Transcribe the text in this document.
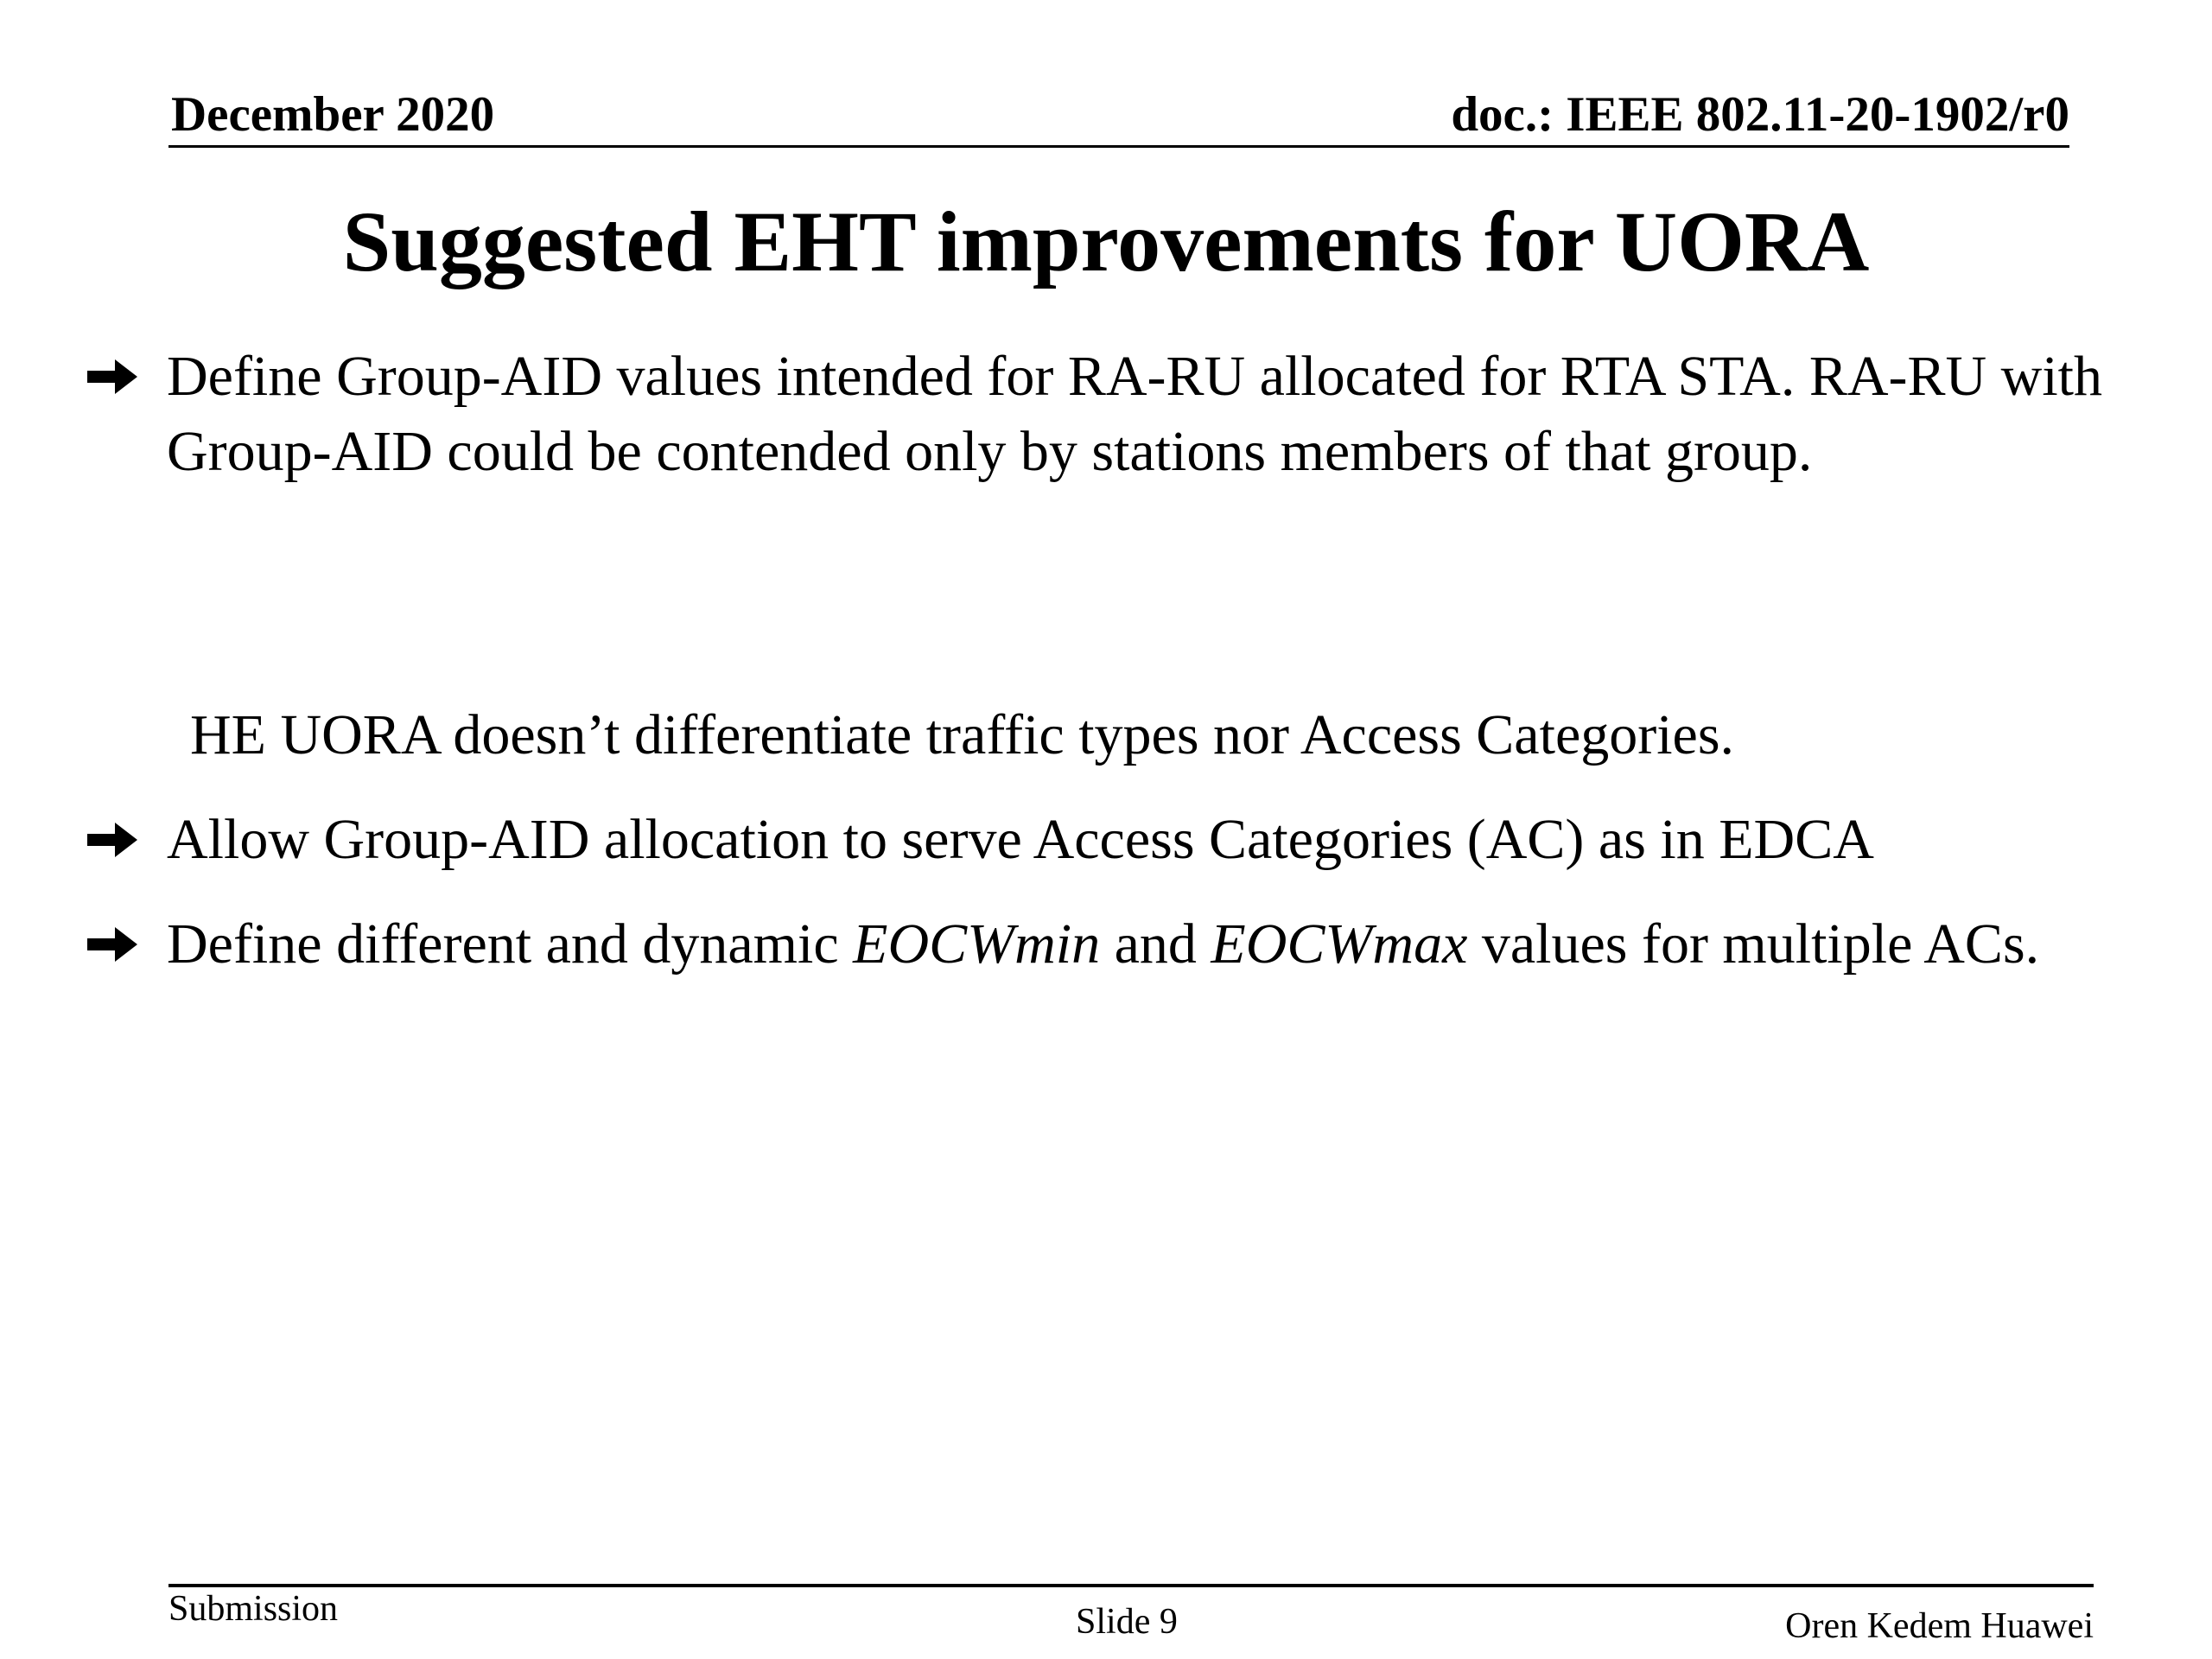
December 2020	doc.: IEEE 802.11-20-1902/r0
Suggested EHT improvements for UORA
Define Group-AID values intended for RA-RU allocated for RTA STA. RA-RU with Group-AID could be contended only by stations members of that group.
HE UORA doesn’t differentiate traffic types nor Access Categories.
Allow Group-AID allocation to serve Access Categories (AC) as in EDCA
Define different and dynamic EOCWmin and EOCWmax values for multiple ACs.
Submission	Slide 9	Oren Kedem Huawei
